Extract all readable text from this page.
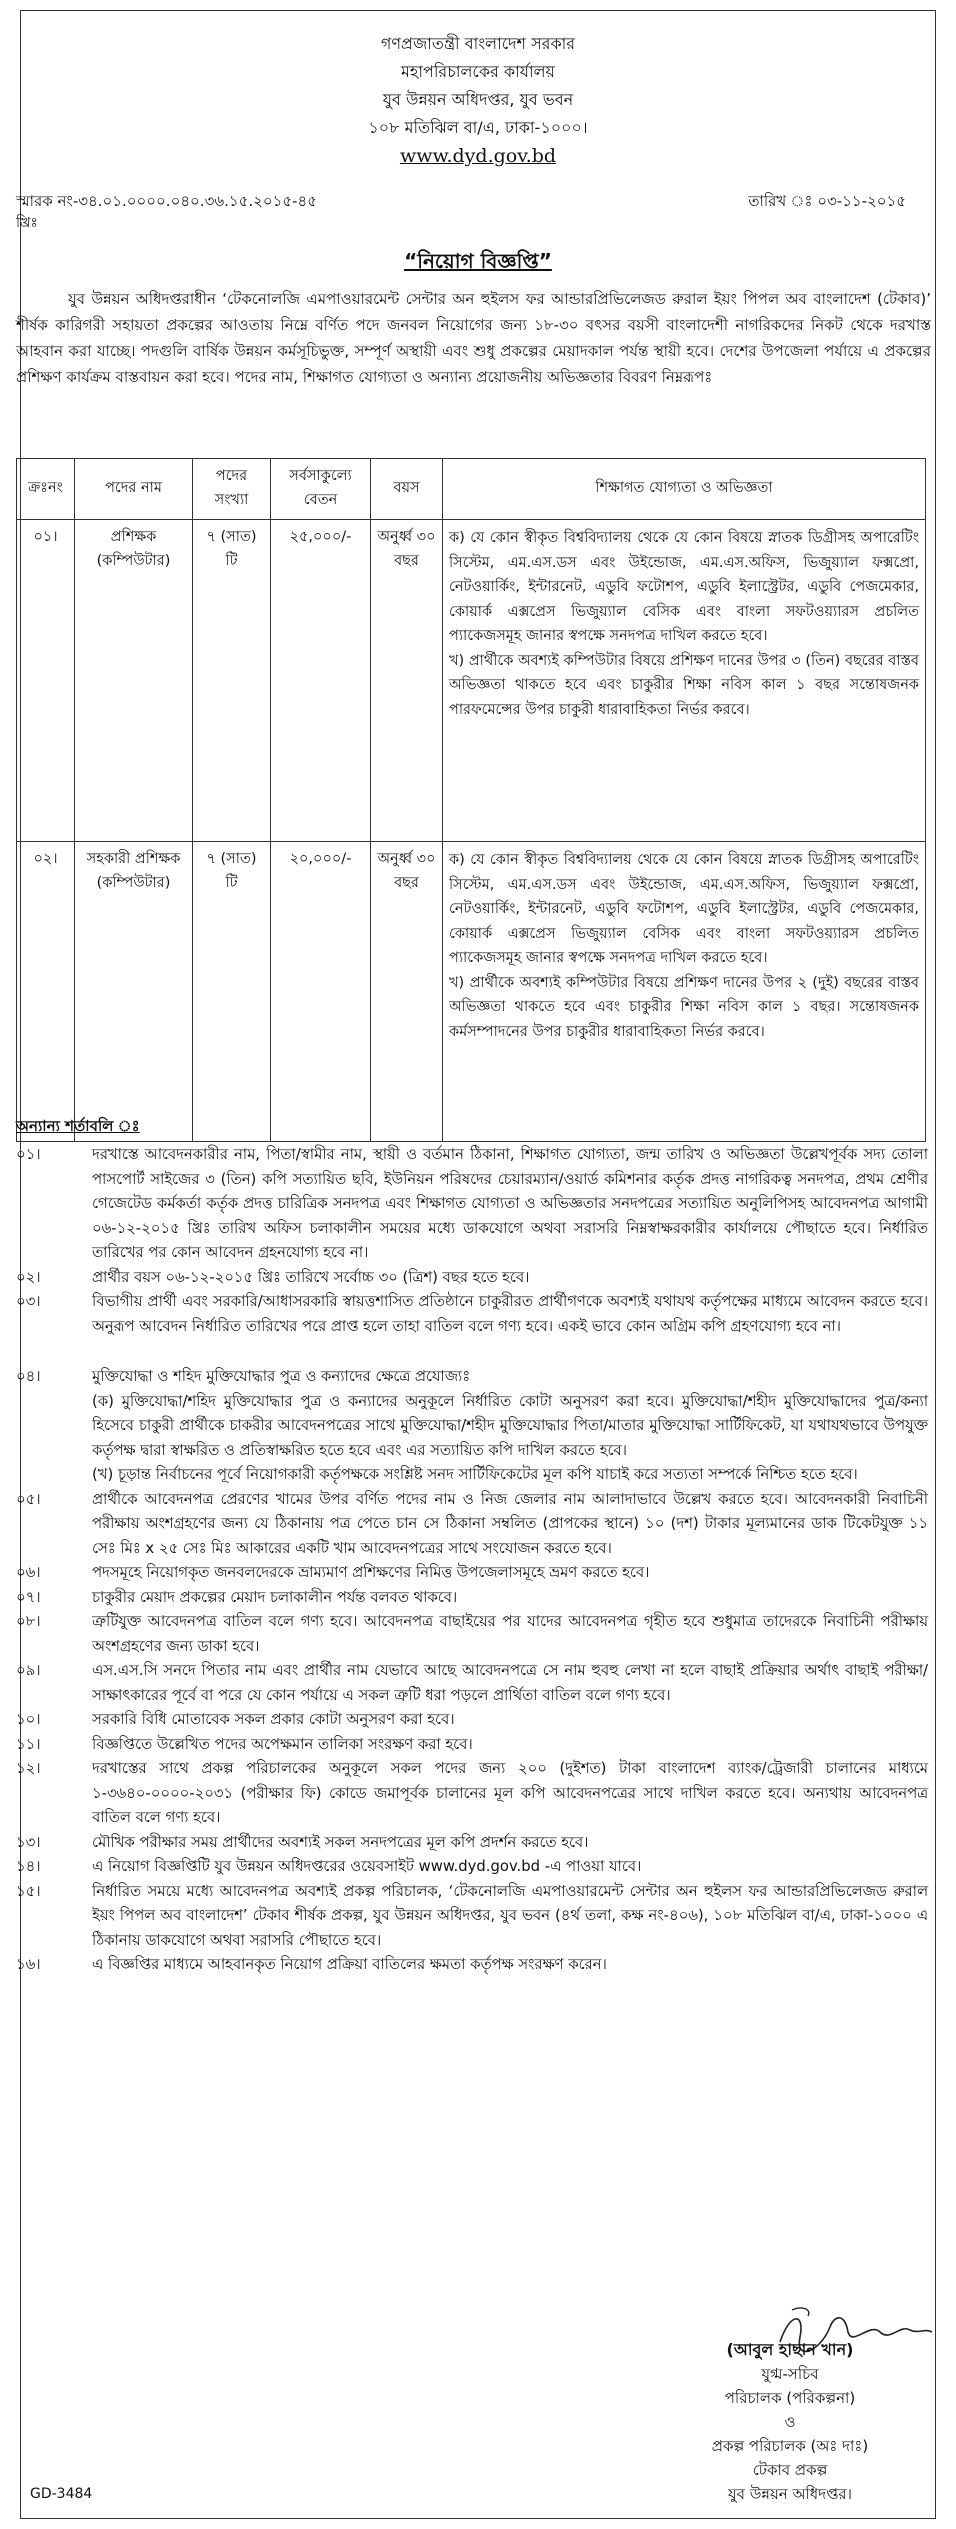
গণপ্রজাতন্ত্রী বাংলাদেশ সরকার
মহাপরিচালকের কার্যালয়
যুব উন্নয়ন অধিদপ্তর, যুব ভবন
১০৮ মতিঝিল বা/এ, ঢাকা-১০০০।
www.dyd.gov.bd
স্মারক নং-৩৪.০১.০০০০.০৪০.৩৬.১৫.২০১৫-৪৫	তারিখ ঃ ০৩-১১-২০১৫
খ্রিঃ
“নিয়োগ বিজ্ঞপ্তি”
যুব উন্নয়ন অধিদপ্তরাধীন ‘টেকনোলজি এমপাওয়ারমেন্ট সেন্টার অন হুইলস ফর আন্ডারপ্রিভিলেজড রুরাল ইয়ং পিপল অব বাংলাদেশ (টেকাব)’ শীর্ষক কারিগরী সহায়তা প্রকল্পের আওতায় নিম্নে বর্ণিত পদে জনবল নিয়োগের জন্য ১৮-৩০ বৎসর বয়সী বাংলাদেশী নাগরিকদের নিকট থেকে দরখাস্ত আহবান করা যাচ্ছে। পদগুলি বার্ষিক উন্নয়ন কর্মসূচিভুক্ত, সম্পূর্ণ অস্থায়ী এবং শুধু প্রকল্পের মেয়াদকাল পর্যন্ত স্থায়ী হবে। দেশের উপজেলা পর্যায়ে এ প্রকল্পের প্রশিক্ষণ কার্যক্রম বাস্তবায়ন করা হবে। পদের নাম, শিক্ষাগত যোগ্যতা ও অন্যান্য প্রয়োজনীয় অভিজ্ঞতার বিবরণ নিম্নরূপঃ
ক্রঃনং	পদের নাম	পদের সংখ্যা	সর্বসাকুল্যে বেতন	বয়স	শিক্ষাগত যোগ্যতা ও অভিজ্ঞতা
০১।	প্রশিক্ষক (কম্পিউটার)	৭ (সাত) টি	২৫,০০০/-	অনুর্ধ্ব ৩০ বছর	ক) যে কোন স্বীকৃত বিশ্ববিদ্যালয় থেকে যে কোন বিষয়ে স্নাতক ডিগ্রীসহ অপারেটিং সিস্টেম, এম.এস.ডস এবং উইন্ডোজ, এম.এস.অফিস, ভিজুয়্যাল ফক্সপ্রো, নেটওয়ার্কিং, ইন্টারনেট, এডুবি ফটোশপ, এডুবি ইলাস্ট্রেটর, এডুবি পেজমেকার, কোয়ার্ক এক্সপ্রেস ভিজুয়্যাল বেসিক এবং বাংলা সফটওয়্যারস প্রচলিত প্যাকেজসমূহ জানার স্বপক্ষে সনদপত্র দাখিল করতে হবে।
খ) প্রার্থীকে অবশ্যই কম্পিউটার বিষয়ে প্রশিক্ষণ দানের উপর ৩ (তিন) বছরের বাস্তব অভিজ্ঞতা থাকতে হবে এবং চাকুরীর শিক্ষা নবিস কাল ১ বছর সন্তোষজনক পারফমেন্সের উপর চাকুরী ধারাবাহিকতা নির্ভর করবে।

০২।	সহকারী প্রশিক্ষক (কম্পিউটার)	৭ (সাত) টি	২০,০০০/-	অনুর্ধ্ব ৩০ বছর	ক) যে কোন স্বীকৃত বিশ্ববিদ্যালয় থেকে যে কোন বিষয়ে স্নাতক ডিগ্রীসহ অপারেটিং সিস্টেম, এম.এস.ডস এবং উইন্ডোজ, এম.এস.অফিস, ভিজুয়্যাল ফক্সপ্রো, নেটওয়ার্কিং, ইন্টারনেট, এডুবি ফটোশপ, এডুবি ইলাস্ট্রেটর, এডুবি পেজমেকার, কোয়ার্ক এক্সপ্রেস ভিজুয়্যাল বেসিক এবং বাংলা সফটওয়্যারস প্রচলিত প্যাকেজসমূহ জানার স্বপক্ষে সনদপত্র দাখিল করতে হবে।
খ) প্রার্থীকে অবশ্যই কম্পিউটার বিষয়ে প্রশিক্ষণ দানের উপর ২ (দুই) বছরের বাস্তব অভিজ্ঞতা থাকতে হবে এবং চাকুরীর শিক্ষা নবিস কাল ১ বছর। সন্তোষজনক কর্মসম্পাদনের উপর চাকুরীর ধারাবাহিকতা নির্ভর করবে।
অন্যান্য শর্তাবলি ঃ
০১।	দরখাস্তে আবেদনকারীর নাম, পিতা/স্বামীর নাম, স্থায়ী ও বর্তমান ঠিকানা, শিক্ষাগত যোগ্যতা, জন্ম তারিখ ও অভিজ্ঞতা উল্লেখপূর্বক সদ্য তোলা পাসপোর্ট সাইজের ৩ (তিন) কপি সত্যায়িত ছবি, ইউনিয়ন পরিষদের চেয়ারম্যান/ওয়ার্ড কমিশনার কর্তৃক প্রদত্ত নাগরিকত্ব সনদপত্র, প্রথম শ্রেণীর গেজেটেড কর্মকর্তা কর্তৃক প্রদত্ত চারিত্রিক সনদপত্র এবং শিক্ষাগত যোগ্যতা ও অভিজ্ঞতার সনদপত্রের সত্যায়িত অনুলিপিসহ আবেদনপত্র আগামী ০৬-১২-২০১৫ খ্রিঃ তারিখ অফিস চলাকালীন সময়ের মধ্যে ডাকযোগে অথবা সরাসরি নিম্নস্বাক্ষরকারীর কার্যালয়ে পৌছাতে হবে। নির্ধারিত তারিখের পর কোন আবেদন গ্রহনযোগ্য হবে না।
০২।	প্রার্থীর বয়স ০৬-১২-২০১৫ খ্রিঃ তারিখে সর্বোচ্চ ৩০ (ত্রিশ) বছর হতে হবে।
০৩।	বিভাগীয় প্রার্থী এবং সরকারি/আধাসরকারি স্বায়ত্তশাসিত প্রতিষ্ঠানে চাকুরীরত প্রার্থীগণকে অবশ্যই যথাযথ কর্তৃপক্ষের মাধ্যমে আবেদন করতে হবে। অনুরূপ আবেদন নির্ধারিত তারিখের পরে প্রাপ্ত হলে তাহা বাতিল বলে গণ্য হবে। একই ভাবে কোন অগ্রিম কপি গ্রহণযোগ্য হবে না।
০৪।	মুক্তিযোদ্ধা ও শহিদ মুক্তিযোদ্ধার পুত্র ও কন্যাদের ক্ষেত্রে প্রযোজ্যঃ

(ক) মুক্তিযোদ্ধা/শহিদ মুক্তিযোদ্ধার পুত্র ও কন্যাদের অনুকূলে নির্ধারিত কোটা অনুসরণ করা হবে। মুক্তিযোদ্ধা/শহীদ মুক্তিযোদ্ধাদের পুত্র/কন্যা হিসেবে চাকুরী প্রার্থীকে চাকরীর আবেদনপত্রের সাথে মুক্তিযোদ্ধা/শহীদ মুক্তিযোদ্ধার পিতা/মাতার মুক্তিযোদ্ধা সার্টিফিকেট, যা যথাযথভাবে উপযুক্ত কর্তৃপক্ষ দ্বারা স্বাক্ষরিত ও প্রতিস্বাক্ষরিত হতে হবে এবং এর সত্যায়িত কপি দাখিল করতে হবে।

(খ) চূড়ান্ত নির্বাচনের পূর্বে নিয়োগকারী কর্তৃপক্ষকে সংশ্লিষ্ট সনদ সার্টিফিকেটের মূল কপি যাচাই করে সত্যতা সম্পর্কে নিশ্চিত হতে হবে।

০৫।	প্রার্থীকে আবেদনপত্র প্রেরণের খামের উপর বর্ণিত পদের নাম ও নিজ জেলার নাম আলাদাভাবে উল্লেখ করতে হবে। আবেদনকারী নিবাচিনী পরীক্ষায় অংশগ্রহণের জন্য যে ঠিকানায় পত্র পেতে চান সে ঠিকানা সম্বলিত (প্রাপকের স্থানে) ১০ (দশ) টাকার মূল্যমানের ডাক টিকেটযুক্ত ১১ সেঃ মিঃ x ২৫ সেঃ মিঃ আকারের একটি খাম আবেদনপত্রের সাথে সংযোজন করতে হবে।
০৬।	পদসমূহে নিয়োগকৃত জনবলদেরকে ভ্রাম্যমাণ প্রশিক্ষণের নিমিত্ত উপজেলাসমূহে ভ্রমণ করতে হবে।
০৭।	চাকুরীর মেয়াদ প্রকল্পের মেয়াদ চলাকালীন পর্যন্ত বলবত থাকবে।
০৮।	ত্রুটিযুক্ত আবেদনপত্র বাতিল বলে গণ্য হবে। আবেদনপত্র বাছাইয়ের পর যাদের আবেদনপত্র গৃহীত হবে শুধুমাত্র তাদেরকে নিবাচিনী পরীক্ষায় অংশগ্রহণের জন্য ডাকা হবে।
০৯।	এস.এস.সি সনদে পিতার নাম এবং প্রার্থীর নাম যেভাবে আছে আবেদনপত্রে সে নাম হুবহু লেখা না হলে বাছাই প্রক্রিয়ার অর্থাৎ বাছাই পরীক্ষা/সাক্ষাৎকারের পূর্বে বা পরে যে কোন পর্যায়ে এ সকল ত্রুটি ধরা পড়লে প্রার্থিতা বাতিল বলে গণ্য হবে।
১০।	সরকারি বিধি মোতাবেক সকল প্রকার কোটা অনুসরণ করা হবে।
১১।	বিজ্ঞপ্তিতে উল্লেখিত পদের অপেক্ষমান তালিকা সংরক্ষণ করা হবে।
১২।	দরখাস্তের সাথে প্রকল্প পরিচালকের অনুকূলে সকল পদের জন্য ২০০ (দুইশত) টাকা বাংলাদেশ ব্যাংক/ট্রেজারী চালানের মাধ্যমে ১-৩৬৪০-০০০০-২০৩১ (পরীক্ষার ফি) কোডে জমাপূর্বক চালানের মূল কপি আবেদনপত্রের সাথে দাখিল করতে হবে। অন্যথায় আবেদনপত্র বাতিল বলে গণ্য হবে।
১৩।	মৌখিক পরীক্ষার সময় প্রার্থীদের অবশ্যই সকল সনদপত্রের মূল কপি প্রদর্শন করতে হবে।
১৪।	এ নিয়োগ বিজ্ঞপ্তিটি যুব উন্নয়ন অধিদপ্তরের ওয়েবসাইট www.dyd.gov.bd -এ পাওয়া যাবে।
১৫।	নির্ধারিত সময়ে মধ্যে আবেদনপত্র অবশ্যই প্রকল্প পরিচালক, ‘টেকনোলজি এমপাওয়ারমেন্ট সেন্টার অন হুইলস ফর আন্ডারপ্রিভিলেজড রুরাল ইয়ং পিপল অব বাংলাদেশ’ টেকাব শীর্ষক প্রকল্প, যুব উন্নয়ন অধিদপ্তর, যুব ভবন (৪র্থ তলা, কক্ষ নং-৪০৬), ১০৮ মতিঝিল বা/এ, ঢাকা-১০০০ এ ঠিকানায় ডাকযোগে অথবা সরাসরি পৌছাতে হবে।
১৬।	এ বিজ্ঞপ্তির মাধ্যমে আহবানকৃত নিয়োগ প্রক্রিয়া বাতিলের ক্ষমতা কর্তৃপক্ষ সংরক্ষণ করেন।
(আবুল হাছান খান)
যুগ্ম-সচিব
পরিচালক (পরিকল্পনা)
ও
প্রকল্প পরিচালক (অঃ দাঃ)
টেকাব প্রকল্প
যুব উন্নয়ন অধিদপ্তর।
GD-3484
